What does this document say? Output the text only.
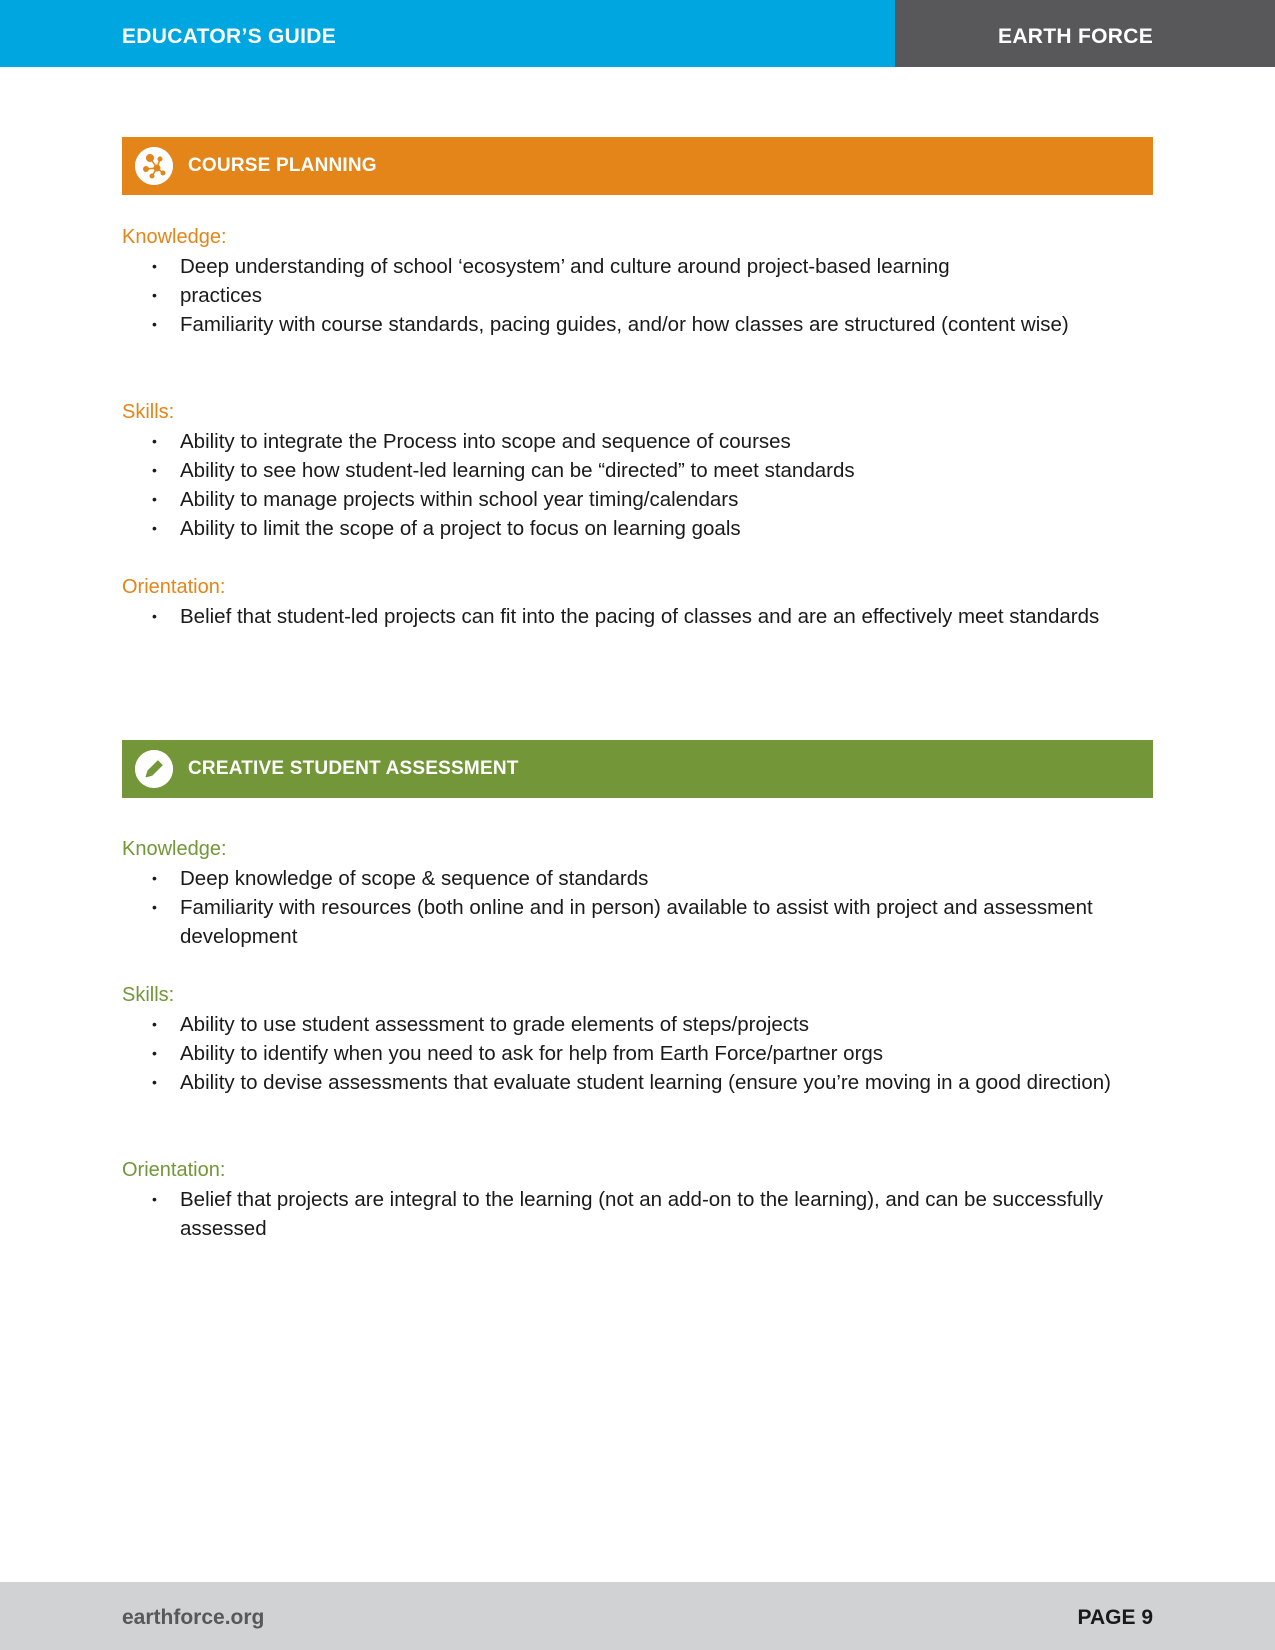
EDUCATOR’S GUIDE	EARTH FORCE
COURSE PLANNING
Knowledge:
• Deep understanding of school ‘ecosystem’ and culture around project-based learning
• practices
• Familiarity with course standards, pacing guides, and/or how classes are structured (content wise)
Skills:
• Ability to integrate the Process into scope and sequence of courses
• Ability to see how student-led learning can be “directed” to meet standards
• Ability to manage projects within school year timing/calendars
• Ability to limit the scope of a project to focus on learning goals
Orientation:
• Belief that student-led projects can fit into the pacing of classes and are an effectively meet standards
CREATIVE STUDENT ASSESSMENT
Knowledge:
• Deep knowledge of scope & sequence of standards
• Familiarity with resources (both online and in person) available to assist with project and assessment development
Skills:
• Ability to use student assessment to grade elements of steps/projects
• Ability to identify when you need to ask for help from Earth Force/partner orgs
• Ability to devise assessments that evaluate student learning (ensure you’re moving in a good direction)
Orientation:
• Belief that projects are integral to the learning (not an add-on to the learning), and can be successfully assessed
earthforce.org	PAGE 9
